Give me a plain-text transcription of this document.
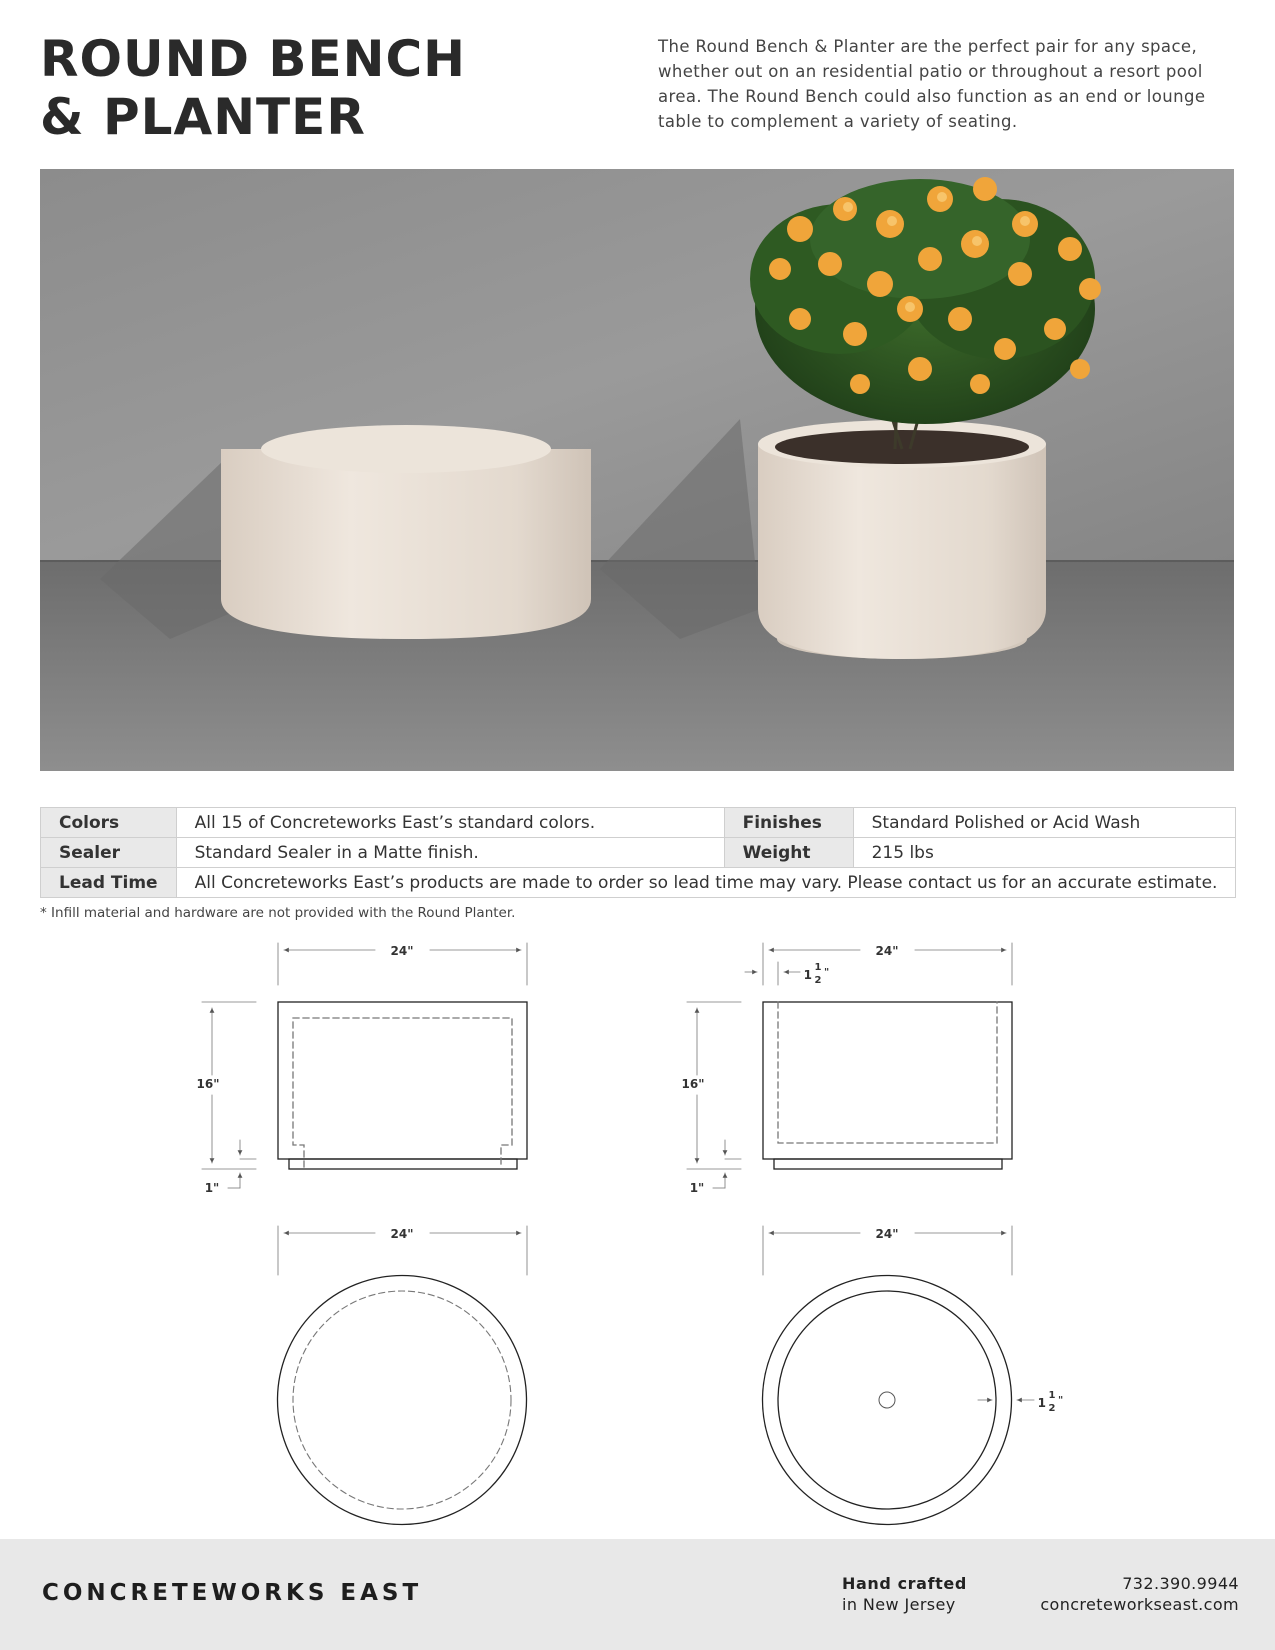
ROUND BENCH
& PLANTER

The Round Bench & Planter are the perfect pair for any space, whether out on an residential patio or throughout a resort pool area. The Round Bench could also function as an end or lounge table to complement a variety of seating.

Colors	All 15 of Concreteworks East’s standard colors.	Finishes	Standard Polished or Acid Wash
Sealer	Standard Sealer in a Matte finish.	Weight	215 lbs
Lead Time	All Concreteworks East’s products are made to order so lead time may vary. Please contact us for an accurate estimate.		

* Infill material and hardware are not provided with the Round Planter.

24"
16"
1"
24"
1
1
2
"
16"
1"
24"	24"
1
1
2
"
CONCRETEWORKS EAST	Hand crafted
in New Jersey
732.390.9944
concreteworkseast.com
